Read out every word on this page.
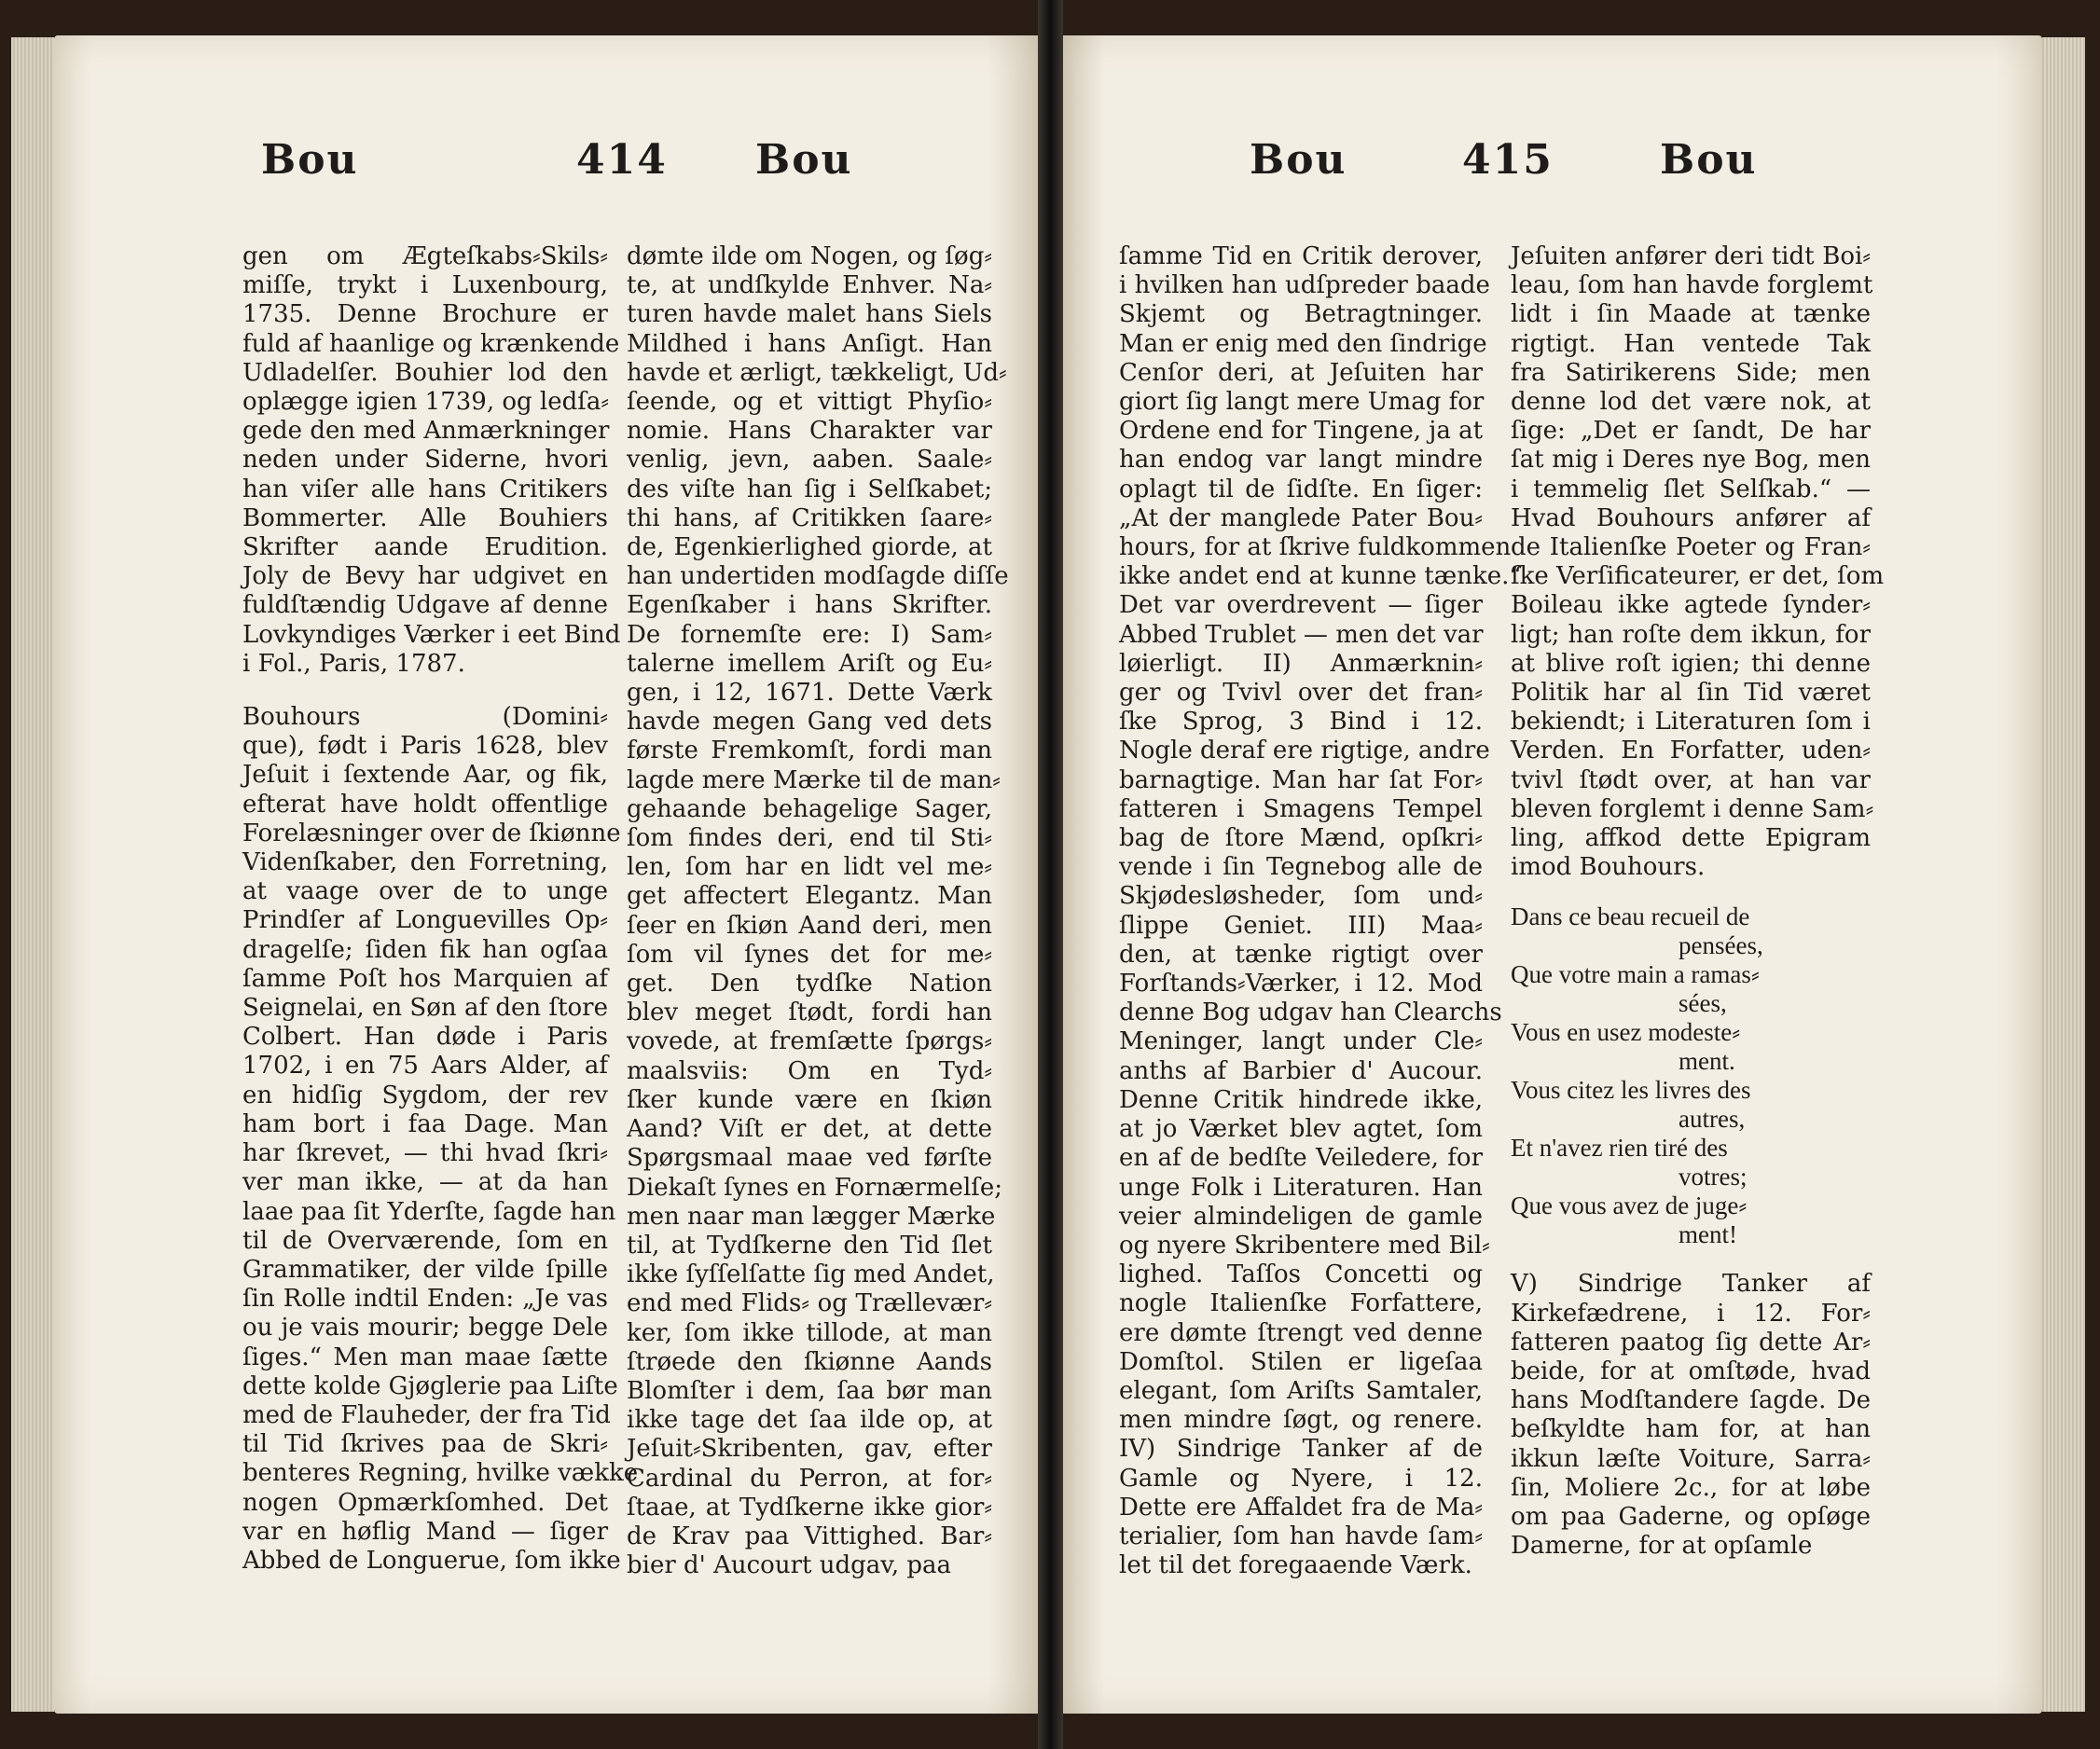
Bou	414 Bou
gen om Ægteſkabs⸗Skils⸗
miſſe, trykt i Luxenbourg,
1735. Denne Brochure er
fuld af haanlige og krænkende
Udladelſer. Bouhier lod den
oplægge igien 1739, og ledſa⸗
gede den med Anmærkninger
neden under Siderne, hvori
han viſer alle hans Critikers
Bommerter. Alle Bouhiers
Skrifter aande Erudition.
Joly de Bevy har udgivet en
fuldſtændig Udgave af denne
Lovkyndiges Værker i eet Bind
i Fol., Paris, 1787.
Bouhours (Domini⸗
que), født i Paris 1628, blev
Jeſuit i ſextende Aar, og fik,
efterat have holdt offentlige
Forelæsninger over de ſkiønne
Videnſkaber, den Forretning,
at vaage over de to unge
Prindſer af Longuevilles Op⸗
dragelſe; ſiden fik han ogſaa
ſamme Poſt hos Marquien af
Seignelai, en Søn af den ſtore
Colbert. Han døde i Paris
1702, i en 75 Aars Alder, af
en hidſig Sygdom, der rev
ham bort i faa Dage. Man
har ſkrevet, — thi hvad ſkri⸗
ver man ikke, — at da han
laae paa ſit Yderſte, ſagde han
til de Overværende, ſom en
Grammatiker, der vilde ſpille
ſin Rolle indtil Enden: „Je vas
ou je vais mourir; begge Dele
ſiges.“ Men man maae ſætte
dette kolde Gjøglerie paa Liſte
med de Flauheder, der fra Tid
til Tid ſkrives paa de Skri⸗
benteres Regning, hvilke vække
nogen Opmærkſomhed. Det
var en høflig Mand — ſiger
Abbed de Longuerue, ſom ikke
dømte ilde om Nogen, og ſøg⸗
te, at undſkylde Enhver. Na⸗
turen havde malet hans Siels
Mildhed i hans Anſigt. Han
havde et ærligt, tækkeligt, Ud⸗
ſeende, og et vittigt Phyſio⸗
nomie. Hans Charakter var
venlig, jevn, aaben. Saale⸗
des viſte han ſig i Selſkabet;
thi hans, af Critikken ſaare⸗
de, Egenkierlighed giorde, at
han undertiden modſagde diſſe
Egenſkaber i hans Skrifter.
De fornemſte ere: I) Sam⸗
talerne imellem Ariſt og Eu⸗
gen, i 12, 1671. Dette Værk
havde megen Gang ved dets
første Fremkomſt, fordi man
lagde mere Mærke til de man⸗
gehaande behagelige Sager,
ſom findes deri, end til Sti⸗
len, ſom har en lidt vel me⸗
get affectert Elegantz. Man
ſeer en ſkiøn Aand deri, men
ſom vil ſynes det for me⸗
get. Den tydſke Nation
blev meget ſtødt, fordi han
vovede, at fremſætte ſpørgs⸗
maalsviis: Om en Tyd⸗
ſker kunde være en ſkiøn
Aand? Viſt er det, at dette
Spørgsmaal maae ved førſte
Diekaſt ſynes en Fornærmelſe;
men naar man lægger Mærke
til, at Tydſkerne den Tid ſlet
ikke ſyſſelſatte ſig med Andet,
end med Flids⸗ og Trællevær⸗
ker, ſom ikke tillode, at man
ſtrøede den ſkiønne Aands
Blomſter i dem, ſaa bør man
ikke tage det ſaa ilde op, at
Jeſuit⸗Skribenten, gav, efter
Cardinal du Perron, at for⸗
ſtaae, at Tydſkerne ikke gior⸗
de Krav paa Vittighed. Bar⸗
bier d' Aucourt udgav, paa
Bou	415	Bou
ſamme Tid en Critik derover,
i hvilken han udſpreder baade
Skjemt og Betragtninger.
Man er enig med den ſindrige
Cenſor deri, at Jeſuiten har
giort ſig langt mere Umag for
Ordene end for Tingene, ja at
han endog var langt mindre
oplagt til de ſidſte. En ſiger:
„At der manglede Pater Bou⸗
hours, for at ſkrive fuldkommen
ikke andet end at kunne tænke.“
Det var overdrevent — ſiger
Abbed Trublet — men det var
løierligt. II) Anmærknin⸗
ger og Tvivl over det fran⸗
ſke Sprog, 3 Bind i 12.
Nogle deraf ere rigtige, andre
barnagtige. Man har ſat For⸗
fatteren i Smagens Tempel
bag de ſtore Mænd, opſkri⸗
vende i ſin Tegnebog alle de
Skjødesløsheder, ſom und⸗
ſlippe Geniet. III) Maa⸗
den, at tænke rigtigt over
Forſtands⸗Værker, i 12. Mod
denne Bog udgav han Clearchs
Meninger, langt under Cle⸗
anths af Barbier d' Aucour.
Denne Critik hindrede ikke,
at jo Værket blev agtet, ſom
en af de bedſte Veiledere, for
unge Folk i Literaturen. Han
veier almindeligen de gamle
og nyere Skribentere med Bil⸗
lighed. Taſſos Concetti og
nogle Italienſke Forfattere,
ere dømte ſtrengt ved denne
Domſtol. Stilen er ligeſaa
elegant, ſom Ariſts Samtaler,
men mindre ſøgt, og renere.
IV) Sindrige Tanker af de
Gamle og Nyere, i 12.
Dette ere Affaldet fra de Ma⸗
terialier, ſom han havde ſam⸗
let til det foregaaende Værk.
Jeſuiten anfører deri tidt Boi⸗
leau, ſom han havde forglemt
lidt i ſin Maade at tænke
rigtigt. Han ventede Tak
fra Satirikerens Side; men
denne lod det være nok, at
ſige: „Det er ſandt, De har
ſat mig i Deres nye Bog, men
i temmelig ſlet Selſkab.“ —
Hvad Bouhours anfører af
de Italienſke Poeter og Fran⸗
ſke Verſificateurer, er det, ſom
Boileau ikke agtede ſynder⸗
ligt; han roſte dem ikkun, for
at blive roſt igien; thi denne
Politik har al ſin Tid været
bekiendt; i Literaturen ſom i
Verden. En Forfatter, uden⸗
tvivl ſtødt over, at han var
bleven forglemt i denne Sam⸗
ling, affkod dette Epigram
imod Bouhours.
Dans ce beau recueil de
pensées,
Que votre main a ramas⸗
sées,
Vous en usez modeste⸗
ment.
Vous citez les livres des
autres,
Et n'avez rien tiré des
votres;
Que vous avez de juge⸗
ment!
V) Sindrige Tanker af
Kirkefædrene, i 12. For⸗
fatteren paatog ſig dette Ar⸗
beide, for at omſtøde, hvad
hans Modſtandere ſagde. De
beſkyldte ham for, at han
ikkun læſte Voiture, Sarra⸗
ſin, Moliere 2c., for at løbe
om paa Gaderne, og opſøge
Damerne, for at opſamle
